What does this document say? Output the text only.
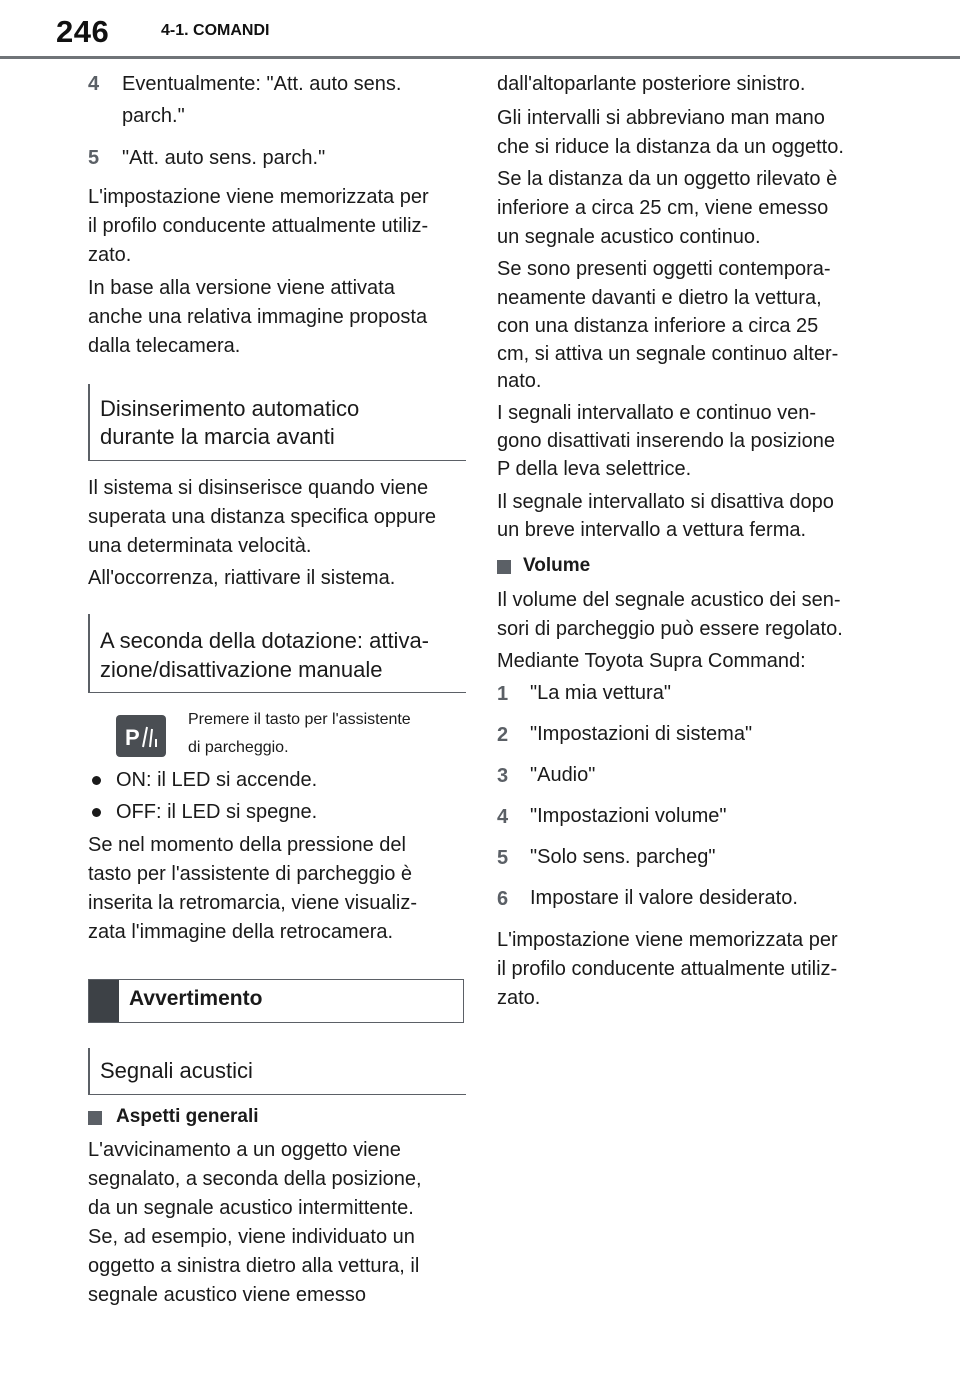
246	4-1. COMANDI
4 Eventualmente: "Att. auto sens.
parch."
5 "Att. auto sens. parch."
L'impostazione viene memorizzata per
il profilo conducente attualmente utiliz-
zato.
In base alla versione viene attivata
anche una relativa immagine proposta
dalla telecamera.
Disinserimento automatico
durante la marcia avanti
Il sistema si disinserisce quando viene
superata una distanza specifica oppure
una determinata velocità.
All'occorrenza, riattivare il sistema.
A seconda della dotazione: attiva-
zione/disattivazione manuale
P
Premere il tasto per l'assistente
di parcheggio.
ON: il LED si accende.
OFF: il LED si spegne.
Se nel momento della pressione del
tasto per l'assistente di parcheggio è
inserita la retromarcia, viene visualiz-
zata l'immagine della retrocamera.
Avvertimento
Segnali acustici
Aspetti generali
L'avvicinamento a un oggetto viene
segnalato, a seconda della posizione,
da un segnale acustico intermittente.
Se, ad esempio, viene individuato un
oggetto a sinistra dietro alla vettura, il
segnale acustico viene emesso
dall'altoparlante posteriore sinistro.
Gli intervalli si abbreviano man mano
che si riduce la distanza da un oggetto.
Se la distanza da un oggetto rilevato è
inferiore a circa 25 cm, viene emesso
un segnale acustico continuo.
Se sono presenti oggetti contempora-
neamente davanti e dietro la vettura,
con una distanza inferiore a circa 25
cm, si attiva un segnale continuo alter-
nato.
I segnali intervallato e continuo ven-
gono disattivati inserendo la posizione
P della leva selettrice.
Il segnale intervallato si disattiva dopo
un breve intervallo a vettura ferma.
Volume
Il volume del segnale acustico dei sen-
sori di parcheggio può essere regolato.
Mediante Toyota Supra Command:
1 "La mia vettura"
2 "Impostazioni di sistema"
3 "Audio"
4 "Impostazioni volume"
5 "Solo sens. parcheg"
6 Impostare il valore desiderato.
L'impostazione viene memorizzata per
il profilo conducente attualmente utiliz-
zato.
